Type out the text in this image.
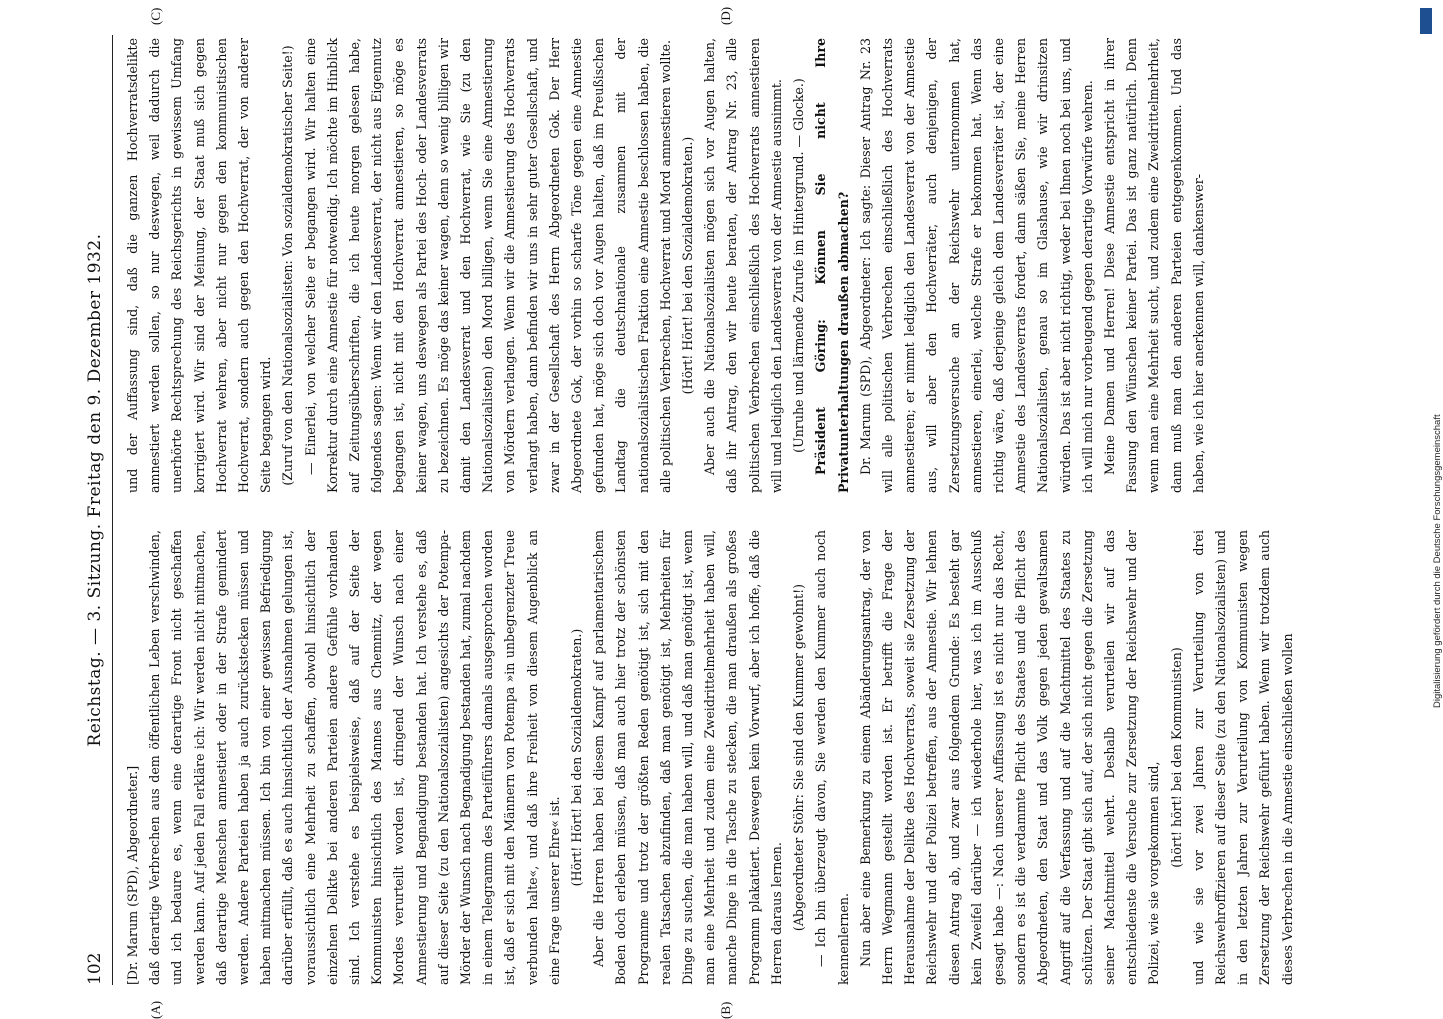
102
Reichstag. — 3. Sitzung. Freitag den 9. Dezember 1932.

[Dr. Marum (SPD), Abgeordneter.] daß derartige Verbrechen aus dem öffentlichen Leben verschwinden, und ich bedaure es, wenn eine derartige Front nicht geschaffen werden kann. Auf jeden Fall erkläre ich: Wir werden nicht mitmachen, daß derartige Menschen amnestiert oder in der Strafe gemindert werden. Andere Parteien haben ja auch zurückstecken müssen und haben mitmachen müssen. Ich bin von einer gewissen Befriedigung darüber erfüllt, daß es auch hinsichtlich der Ausnahmen gelungen ist, voraussichtlich eine Mehrheit zu schaffen, obwohl hinsichtlich der einzelnen Delikte bei anderen Parteien andere Gefühle vorhanden sind. Ich verstehe es beispielsweise, daß auf der Seite der Kommunisten hinsichtlich des Mannes aus Chemnitz, der wegen Mordes verurteilt worden ist, dringend der Wunsch nach einer Amnestierung und Begnadigung bestanden hat. Ich verstehe es, daß auf dieser Seite (zu den Nationalsozialisten) angesichts der Potempa-Mörder der Wunsch nach Begnadigung bestanden hat, zumal nachdem in einem Telegramm des Parteiführers damals ausgesprochen worden ist, daß er sich mit den Männern von Potempa »in unbegrenzter Treue verbunden halte«, und daß ihre Freiheit von diesem Augenblick an eine Frage unserer Ehre« ist.

(Hört! Hört! bei den Sozialdemokraten.) Aber die Herren haben bei diesem Kampf auf parlamentarischem Boden doch erleben müssen, daß man auch hier trotz der schönsten Programme und trotz der größten Reden genötigt ist, sich mit den realen Tatsachen abzufinden, daß man genötigt ist, Mehrheiten für Dinge zu suchen, die man haben will, und daß man genötigt ist, wenn man eine Mehrheit und zudem eine Zweidrittelmehrheit haben will, manche Dinge in die Tasche zu stecken, die man draußen als großes Programm plakatiert. Deswegen kein Vorwurf, aber ich hoffe, daß die Herren daraus lernen. (Abgeordneter Stöhr: Sie sind den Kummer gewohnt!) — Ich bin überzeugt davon, Sie werden den Kummer auch noch kennenlernen. Nun aber eine Bemerkung zu einem Abänderungsantrag, der von Herrn Wegmann gestellt worden ist. Er betrifft die Frage der Herausnahme der Delikte des Hochverrats, soweit sie Zersetzung der Reichswehr und der Polizei betreffen, aus der Amnestie. Wir lehnen diesen Antrag ab, und zwar aus folgendem Grunde: Es besteht gar kein Zweifel darüber — ich wiederhole hier, was ich im Ausschuß gesagt habe —: Nach unserer Auffassung ist es nicht nur das Recht, sondern es ist die verdammte Pflicht des Staates und die Pflicht des Abgeordneten, den Staat und das Volk gegen jeden gewaltsamen Angriff auf die Verfassung und auf die Machtmittel des Staates zu schützen. Der Staat gibt sich auf, der sich nicht gegen die Zersetzung seiner Machtmittel wehrt. Deshalb verurteilen wir auf das entschiedenste die Versuche zur Zersetzung der Reichswehr und der Polizei, wie sie vorgekommen sind,

(hört! hört! bei den Kommunisten) und wie sie vor zwei Jahren zur Verurteilung von drei Reichswehroffizieren auf dieser Seite (zu den Nationalsozialisten) und in den letzten Jahren zur Verurteilung von Kommunisten wegen Zersetzung der Reichswehr geführt haben. Wenn wir trotzdem auch dieses Verbrechen in die Amnestie einschließen wollen

und der Auffassung sind, daß die ganzen Hochverratsdelikte amnestiert werden sollen, so nur deswegen, weil dadurch die unerhörte Rechtsprechung des Reichsgerichts in gewissem Umfang korrigiert wird. Wir sind der Meinung, der Staat muß sich gegen Hochverrat wehren, aber nicht nur gegen den kommunistischen Hochverrat, sondern auch gegen den Hochverrat, der von anderer Seite begangen wird. (Zuruf von den Nationalsozialisten: Von sozialdemokratischer Seite!) — Einerlei, von welcher Seite er begangen wird. Wir halten eine Korrektur durch eine Amnestie für notwendig. Ich möchte im Hinblick auf Zeitungsüberschriften, die ich heute morgen gelesen habe, folgendes sagen: Wenn wir den Landesverrat, der nicht aus Eigennutz begangen ist, nicht mit den Hochverrat amnestieren, so möge es keiner wagen, uns deswegen als Partei des Hoch- oder Landesverrats zu bezeichnen. Es möge das keiner wagen, denn so wenig billigen wir damit den Landesverrat und den Hochverrat, wie Sie (zu den Nationalsozialisten) den Mord billigen, wenn Sie eine Amnestierung von Mördern verlangen. Wenn wir die Amnestierung des Hochverrats verlangt haben, dann befinden wir uns in sehr guter Gesellschaft, und zwar in der Gesellschaft des Herrn Abgeordneten Gok. Der Herr Abgeordnete Gok, der vorhin so scharfe Töne gegen eine Amnestie gefunden hat, möge sich doch vor Augen halten, daß im Preußischen Landtag die deutschnationale zusammen mit der nationalsozialistischen Fraktion eine Amnestie beschlossen haben, die alle politischen Verbrechen, Hochverrat und Mord amnestieren wollte. (Hört! Hört! bei den Sozialdemokraten.) Aber auch die Nationalsozialisten mögen sich vor Augen halten, daß ihr Antrag, den wir heute beraten, der Antrag Nr. 23, alle politischen Verbrechen einschließlich des Hochverrats amnestieren will und lediglich den Landesverrat von der Amnestie ausnimmt. (Unruhe und lärmende Zurufe im Hintergrund. — Glocke.) Präsident Göring: Können Sie nicht Ihre Privatunterhaltungen draußen abmachen? Dr. Marum (SPD), Abgeordneter: Ich sagte: Dieser Antrag Nr. 23 will alle politischen Verbrechen einschließlich des Hochverrats amnestieren; er nimmt lediglich den Landesverrat von der Amnestie aus, will aber den Hochverräter, auch denjenigen, der Zersetzungsversuche an der Reichswehr unternommen hat, amnestieren, einerlei, welche Strafe er bekommen hat. Wenn das richtig wäre, daß derjenige gleich dem Landesverräter ist, der eine Amnestie des Landesverrats fordert, dann säßen Sie, meine Herren Nationalsozialisten, genau so im Glashause, wie wir drinsitzen würden. Das ist aber nicht richtig, weder bei Ihnen noch bei uns, und ich will mich nur vorbeugend gegen derartige Vorwürfe wehren. Meine Damen und Herren! Diese Amnestie entspricht in ihrer Fassung den Wünschen keiner Partei. Das ist ganz natürlich. Denn wenn man eine Mehrheit sucht, und zudem eine Zweidrittelmehrheit, dann muß man den anderen Parteien entgegenkommen. Und das haben, wie ich hier anerkennen will, dankenswer-

(A)	(B)
(C)	(D)	DFG
Digitalisierung gefördert durch die Deutsche Forschungsgemeinschaft
